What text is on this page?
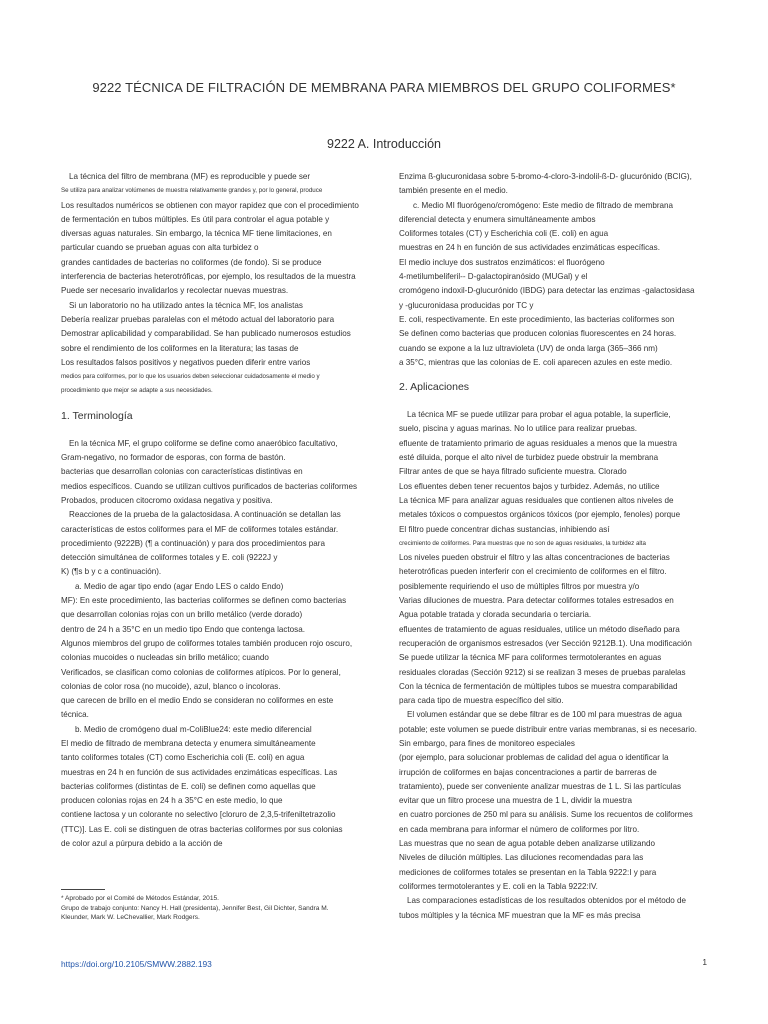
9222 TÉCNICA DE FILTRACIÓN DE MEMBRANA PARA MIEMBROS DEL GRUPO COLIFORMES*
9222 A. Introducción
La técnica del filtro de membrana (MF) es reproducible y puede ser
Se utiliza para analizar volúmenes de muestra relativamente grandes y, por lo general, produce
Los resultados numéricos se obtienen con mayor rapidez que con el procedimiento
de fermentación en tubos múltiples. Es útil para controlar el agua potable y
diversas aguas naturales. Sin embargo, la técnica MF tiene limitaciones, en
particular cuando se prueban aguas con alta turbidez o
grandes cantidades de bacterias no coliformes (de fondo). Si se produce
interferencia de bacterias heterotróficas, por ejemplo, los resultados de la muestra
Puede ser necesario invalidarlos y recolectar nuevas muestras.
Si un laboratorio no ha utilizado antes la técnica MF, los analistas
Debería realizar pruebas paralelas con el método actual del laboratorio para
Demostrar aplicabilidad y comparabilidad. Se han publicado numerosos estudios
sobre el rendimiento de los coliformes en la literatura; las tasas de
Los resultados falsos positivos y negativos pueden diferir entre varios
medios para coliformes, por lo que los usuarios deben seleccionar cuidadosamente el medio y
procedimiento que mejor se adapte a sus necesidades.
1. Terminología
En la técnica MF, el grupo coliforme se define como anaeróbico facultativo,
Gram-negativo, no formador de esporas, con forma de bastón.
bacterias que desarrollan colonias con características distintivas en
medios específicos. Cuando se utilizan cultivos purificados de bacterias coliformes
Probados, producen citocromo oxidasa negativa y positiva.
Reacciones de la prueba de la galactosidasa. A continuación se detallan las
características de estos coliformes para el MF de coliformes totales estándar.
procedimiento (9222B) (¶ a continuación) y para dos procedimientos para
detección simultánea de coliformes totales y E. coli (9222J y
K) (¶s b y c a continuación).
a. Medio de agar tipo endo (agar Endo LES o caldo Endo)
MF): En este procedimiento, las bacterias coliformes se definen como bacterias
que desarrollan colonias rojas con un brillo metálico (verde dorado)
dentro de 24 h a 35°C en un medio tipo Endo que contenga lactosa.
Algunos miembros del grupo de coliformes totales también producen rojo oscuro,
colonias mucoides o nucleadas sin brillo metálico; cuando
Verificados, se clasifican como colonias de coliformes atípicos. Por lo general,
colonias de color rosa (no mucoide), azul, blanco o incoloras.
que carecen de brillo en el medio Endo se consideran no coliformes en este
técnica.
b. Medio de cromógeno dual m-ColiBlue24: este medio diferencial
El medio de filtrado de membrana detecta y enumera simultáneamente
tanto coliformes totales (CT) como Escherichia coli (E. coli) en agua
muestras en 24 h en función de sus actividades enzimáticas específicas. Las
bacterias coliformes (distintas de E. coli) se definen como aquellas que
producen colonias rojas en 24 h a 35°C en este medio, lo que
contiene lactosa y un colorante no selectivo [cloruro de 2,3,5-trifeniltetrazolio
(TTC)]. Las E. coli se distinguen de otras bacterias coliformes por sus colonias
de color azul a púrpura debido a la acción de
Enzima ß-glucuronidasa sobre 5-bromo-4-cloro-3-indolil-ß-D- glucurónido (BCIG),
también presente en el medio.
c. Medio MI fluorógeno/cromógeno: Este medio de filtrado de membrana
diferencial detecta y enumera simultáneamente ambos
Coliformes totales (CT) y Escherichia coli (E. coli) en agua
muestras en 24 h en función de sus actividades enzimáticas específicas.
El medio incluye dos sustratos enzimáticos: el fluorógeno
4-metilumbeliferil-- D-galactopiranósido (MUGal) y el
cromógeno indoxil-D-glucurónido (IBDG) para detectar las enzimas -galactosidasa
y -glucuronidasa producidas por TC y
E. coli, respectivamente. En este procedimiento, las bacterias coliformes son
Se definen como bacterias que producen colonias fluorescentes en 24 horas.
cuando se expone a la luz ultravioleta (UV) de onda larga (365–366 nm)
a 35°C, mientras que las colonias de E. coli aparecen azules en este medio.
2. Aplicaciones
La técnica MF se puede utilizar para probar el agua potable, la superficie,
suelo, piscina y aguas marinas. No lo utilice para realizar pruebas.
efluente de tratamiento primario de aguas residuales a menos que la muestra
esté diluida, porque el alto nivel de turbidez puede obstruir la membrana
Filtrar antes de que se haya filtrado suficiente muestra. Clorado
Los efluentes deben tener recuentos bajos y turbidez. Además, no utilice
La técnica MF para analizar aguas residuales que contienen altos niveles de
metales tóxicos o compuestos orgánicos tóxicos (por ejemplo, fenoles) porque
El filtro puede concentrar dichas sustancias, inhibiendo así
crecimiento de coliformes. Para muestras que no son de aguas residuales, la turbidez alta
Los niveles pueden obstruir el filtro y las altas concentraciones de bacterias
heterotróficas pueden interferir con el crecimiento de coliformes en el filtro.
posiblemente requiriendo el uso de múltiples filtros por muestra y/o
Varias diluciones de muestra. Para detectar coliformes totales estresados en
Agua potable tratada y clorada secundaria o terciaria.
efluentes de tratamiento de aguas residuales, utilice un método diseñado para
recuperación de organismos estresados (ver Sección 9212B.1). Una modificación
Se puede utilizar la técnica MF para coliformes termotolerantes en aguas
residuales cloradas (Sección 9212) si se realizan 3 meses de pruebas paralelas
Con la técnica de fermentación de múltiples tubos se muestra comparabilidad
para cada tipo de muestra específico del sitio.
El volumen estándar que se debe filtrar es de 100 ml para muestras de agua
potable; este volumen se puede distribuir entre varias membranas, si es necesario.
Sin embargo, para fines de monitoreo especiales
(por ejemplo, para solucionar problemas de calidad del agua o identificar la
irrupción de coliformes en bajas concentraciones a partir de barreras de
tratamiento), puede ser conveniente analizar muestras de 1 L. Si las partículas
evitar que un filtro procese una muestra de 1 L, dividir la muestra
en cuatro porciones de 250 ml para su análisis. Sume los recuentos de coliformes
en cada membrana para informar el número de coliformes por litro.
Las muestras que no sean de agua potable deben analizarse utilizando
Niveles de dilución múltiples. Las diluciones recomendadas para las
mediciones de coliformes totales se presentan en la Tabla 9222:I y para
coliformes termotolerantes y E. coli en la Tabla 9222:IV.
Las comparaciones estadísticas de los resultados obtenidos por el método de
tubos múltiples y la técnica MF muestran que la MF es más precisa
* Aprobado por el Comité de Métodos Estándar, 2015.
Grupo de trabajo conjunto: Nancy H. Hall (presidenta), Jennifer Best, Gil Dichter, Sandra M.
Kleunder, Mark W. LeChevallier, Mark Rodgers.
https://doi.org/10.2105/SMWW.2882.193	1
